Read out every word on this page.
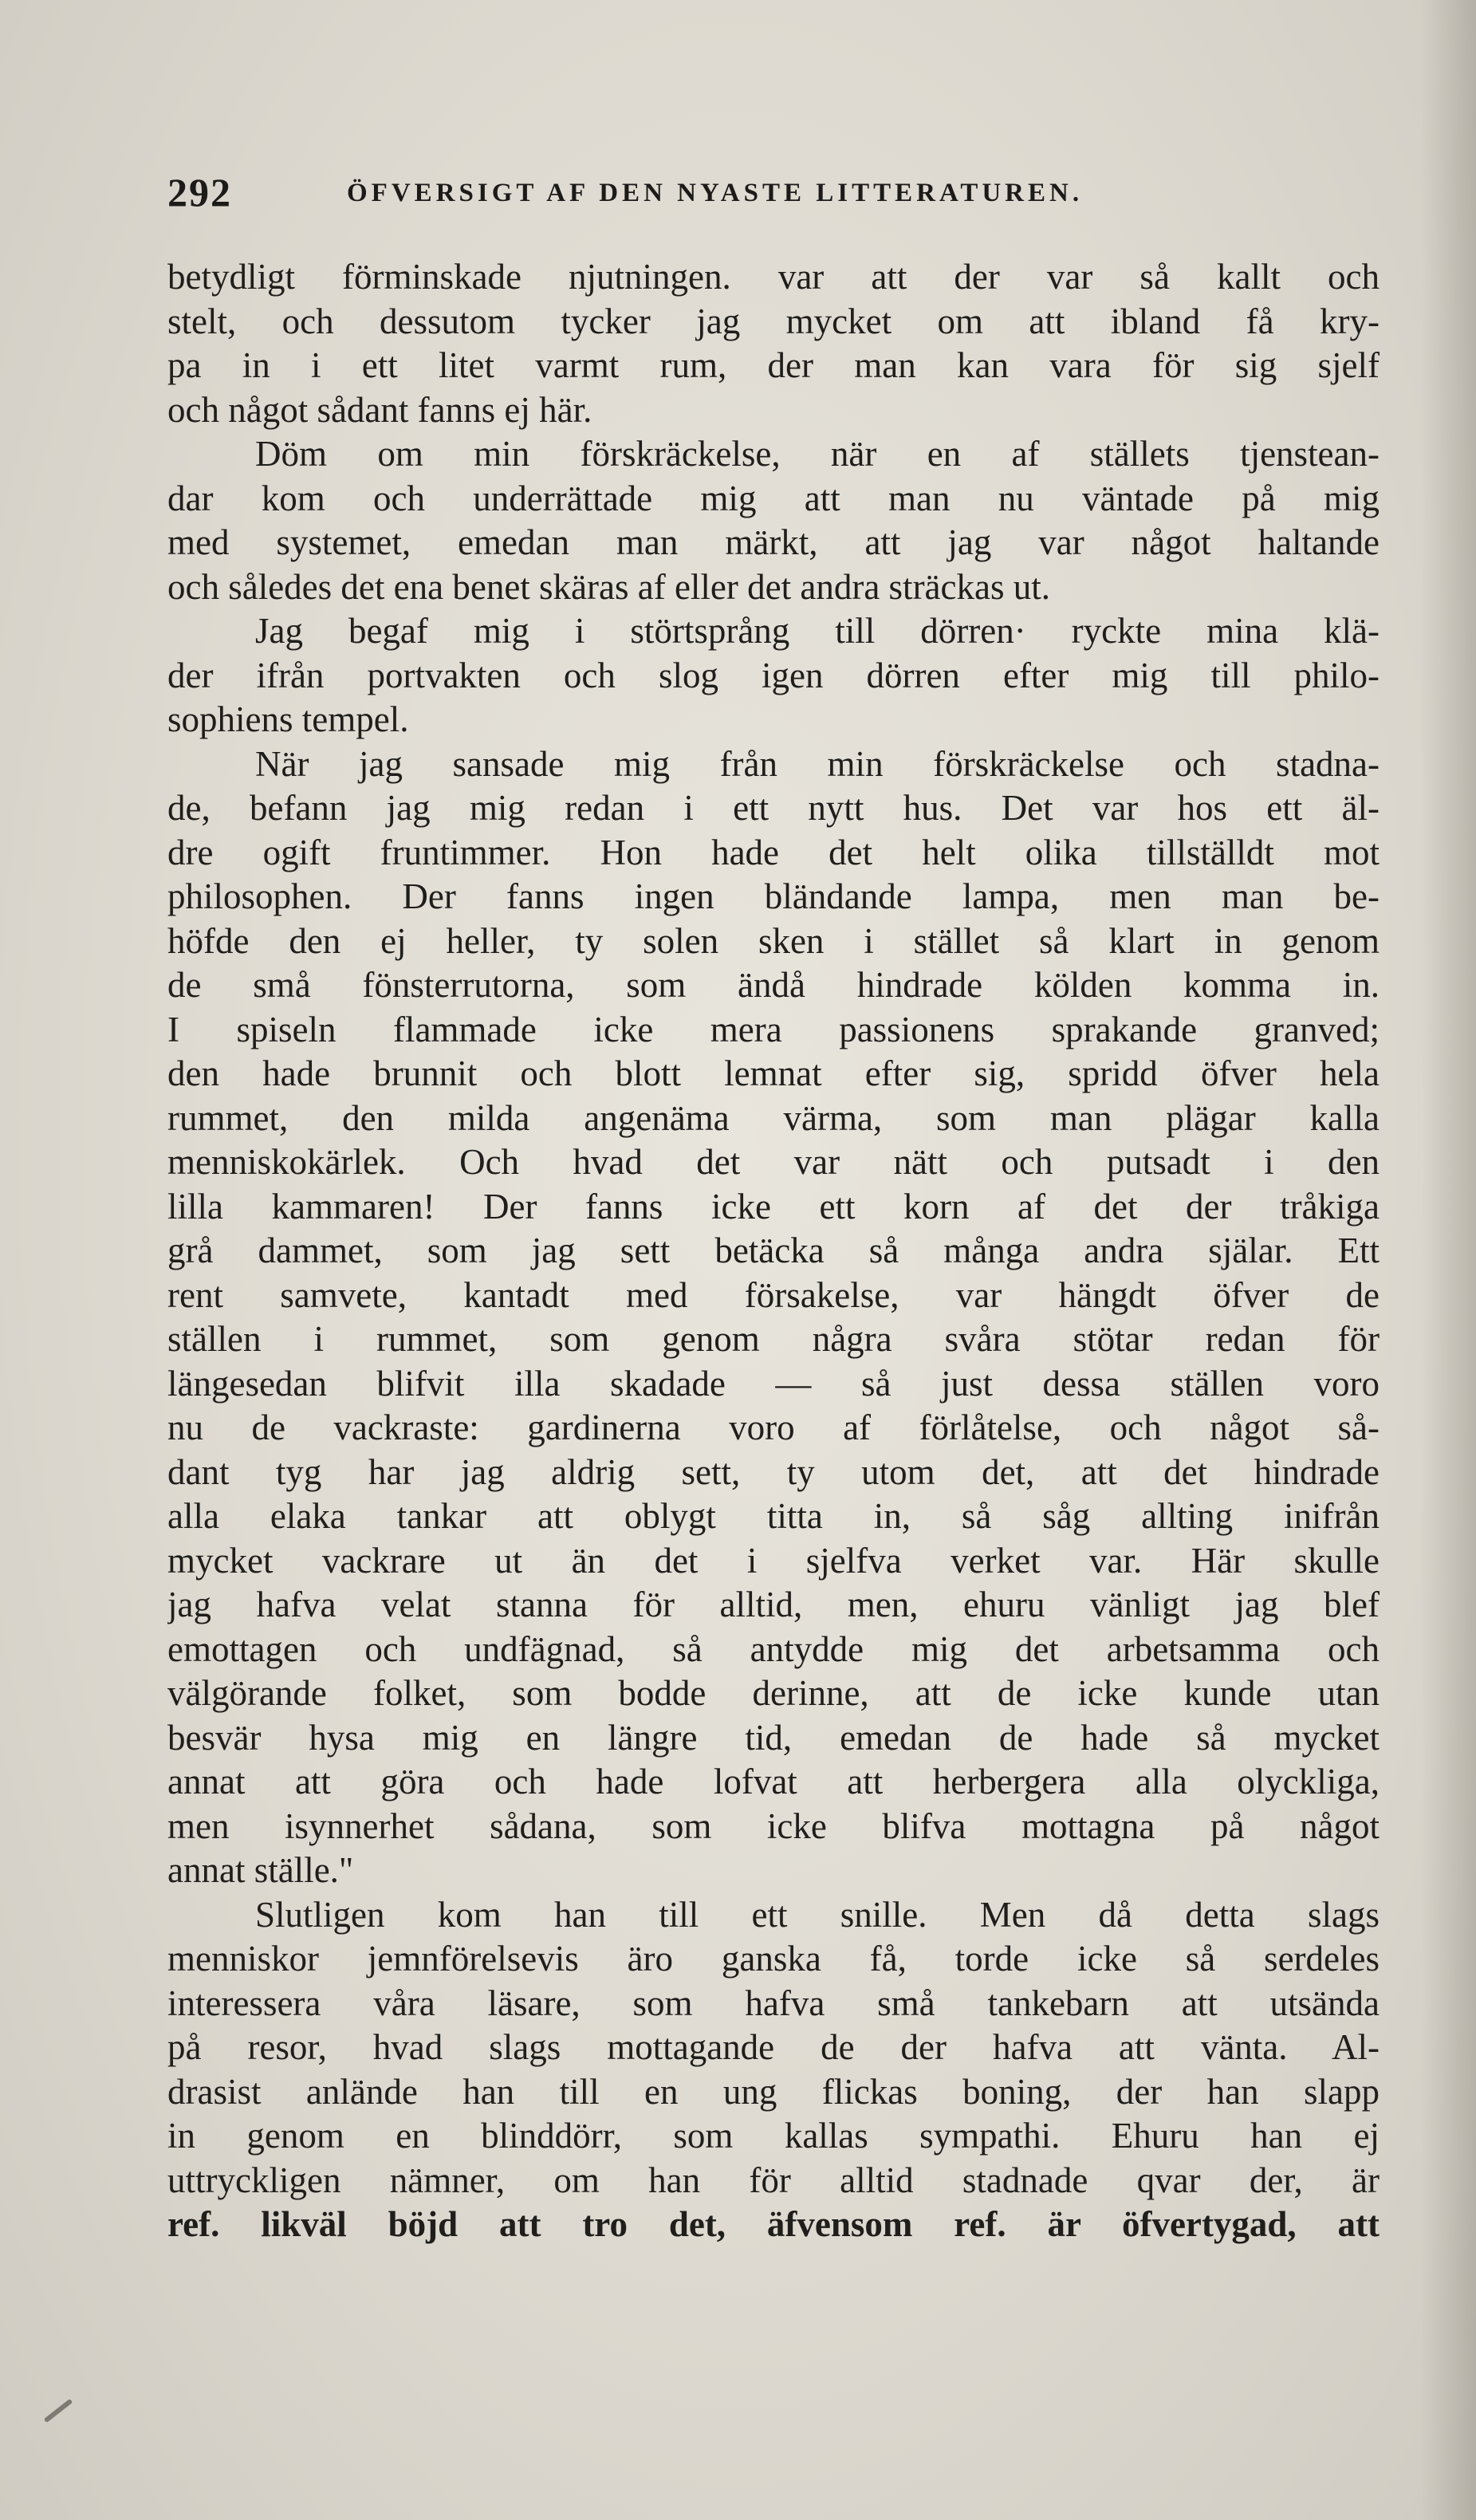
292	ÖFVERSIGT AF DEN NYASTE LITTERATUREN.
betydligt förminskade njutningen. var att der var så kallt och
stelt, och dessutom tycker jag mycket om att ibland få kry-
pa in i ett litet varmt rum, der man kan vara för sig sjelf
och något sådant fanns ej här.
Döm om min förskräckelse, när en af ställets tjenstean-
dar kom och underrättade mig att man nu väntade på mig
med systemet, emedan man märkt, att jag var något haltande
och således det ena benet skäras af eller det andra sträckas ut.
Jag begaf mig i störtsprång till dörren· ryckte mina klä-
der ifrån portvakten och slog igen dörren efter mig till philo-
sophiens tempel.
När jag sansade mig från min förskräckelse och stadna-
de, befann jag mig redan i ett nytt hus. Det var hos ett äl-
dre ogift fruntimmer. Hon hade det helt olika tillställdt mot
philosophen. Der fanns ingen bländande lampa, men man be-
höfde den ej heller, ty solen sken i stället så klart in genom
de små fönsterrutorna, som ändå hindrade kölden komma in.
I spiseln flammade icke mera passionens sprakande granved;
den hade brunnit och blott lemnat efter sig, spridd öfver hela
rummet, den milda angenäma värma, som man plägar kalla
menniskokärlek. Och hvad det var nätt och putsadt i den
lilla kammaren! Der fanns icke ett korn af det der tråkiga
grå dammet, som jag sett betäcka så många andra själar. Ett
rent samvete, kantadt med försakelse, var hängdt öfver de
ställen i rummet, som genom några svåra stötar redan för
längesedan blifvit illa skadade — så just dessa ställen voro
nu de vackraste: gardinerna voro af förlåtelse, och något så-
dant tyg har jag aldrig sett, ty utom det, att det hindrade
alla elaka tankar att oblygt titta in, så såg allting inifrån
mycket vackrare ut än det i sjelfva verket var. Här skulle
jag hafva velat stanna för alltid, men, ehuru vänligt jag blef
emottagen och undfägnad, så antydde mig det arbetsamma och
välgörande folket, som bodde derinne, att de icke kunde utan
besvär hysa mig en längre tid, emedan de hade så mycket
annat att göra och hade lofvat att herbergera alla olyckliga,
men isynnerhet sådana, som icke blifva mottagna på något
annat ställe."
Slutligen kom han till ett snille. Men då detta slags
menniskor jemnförelsevis äro ganska få, torde icke så serdeles
interessera våra läsare, som hafva små tankebarn att utsända
på resor, hvad slags mottagande de der hafva att vänta. Al-
drasist anlände han till en ung flickas boning, der han slapp
in genom en blinddörr, som kallas sympathi. Ehuru han ej
uttryckligen nämner, om han för alltid stadnade qvar der, är
ref. likväl böjd att tro det, äfvensom ref. är öfvertygad, att
